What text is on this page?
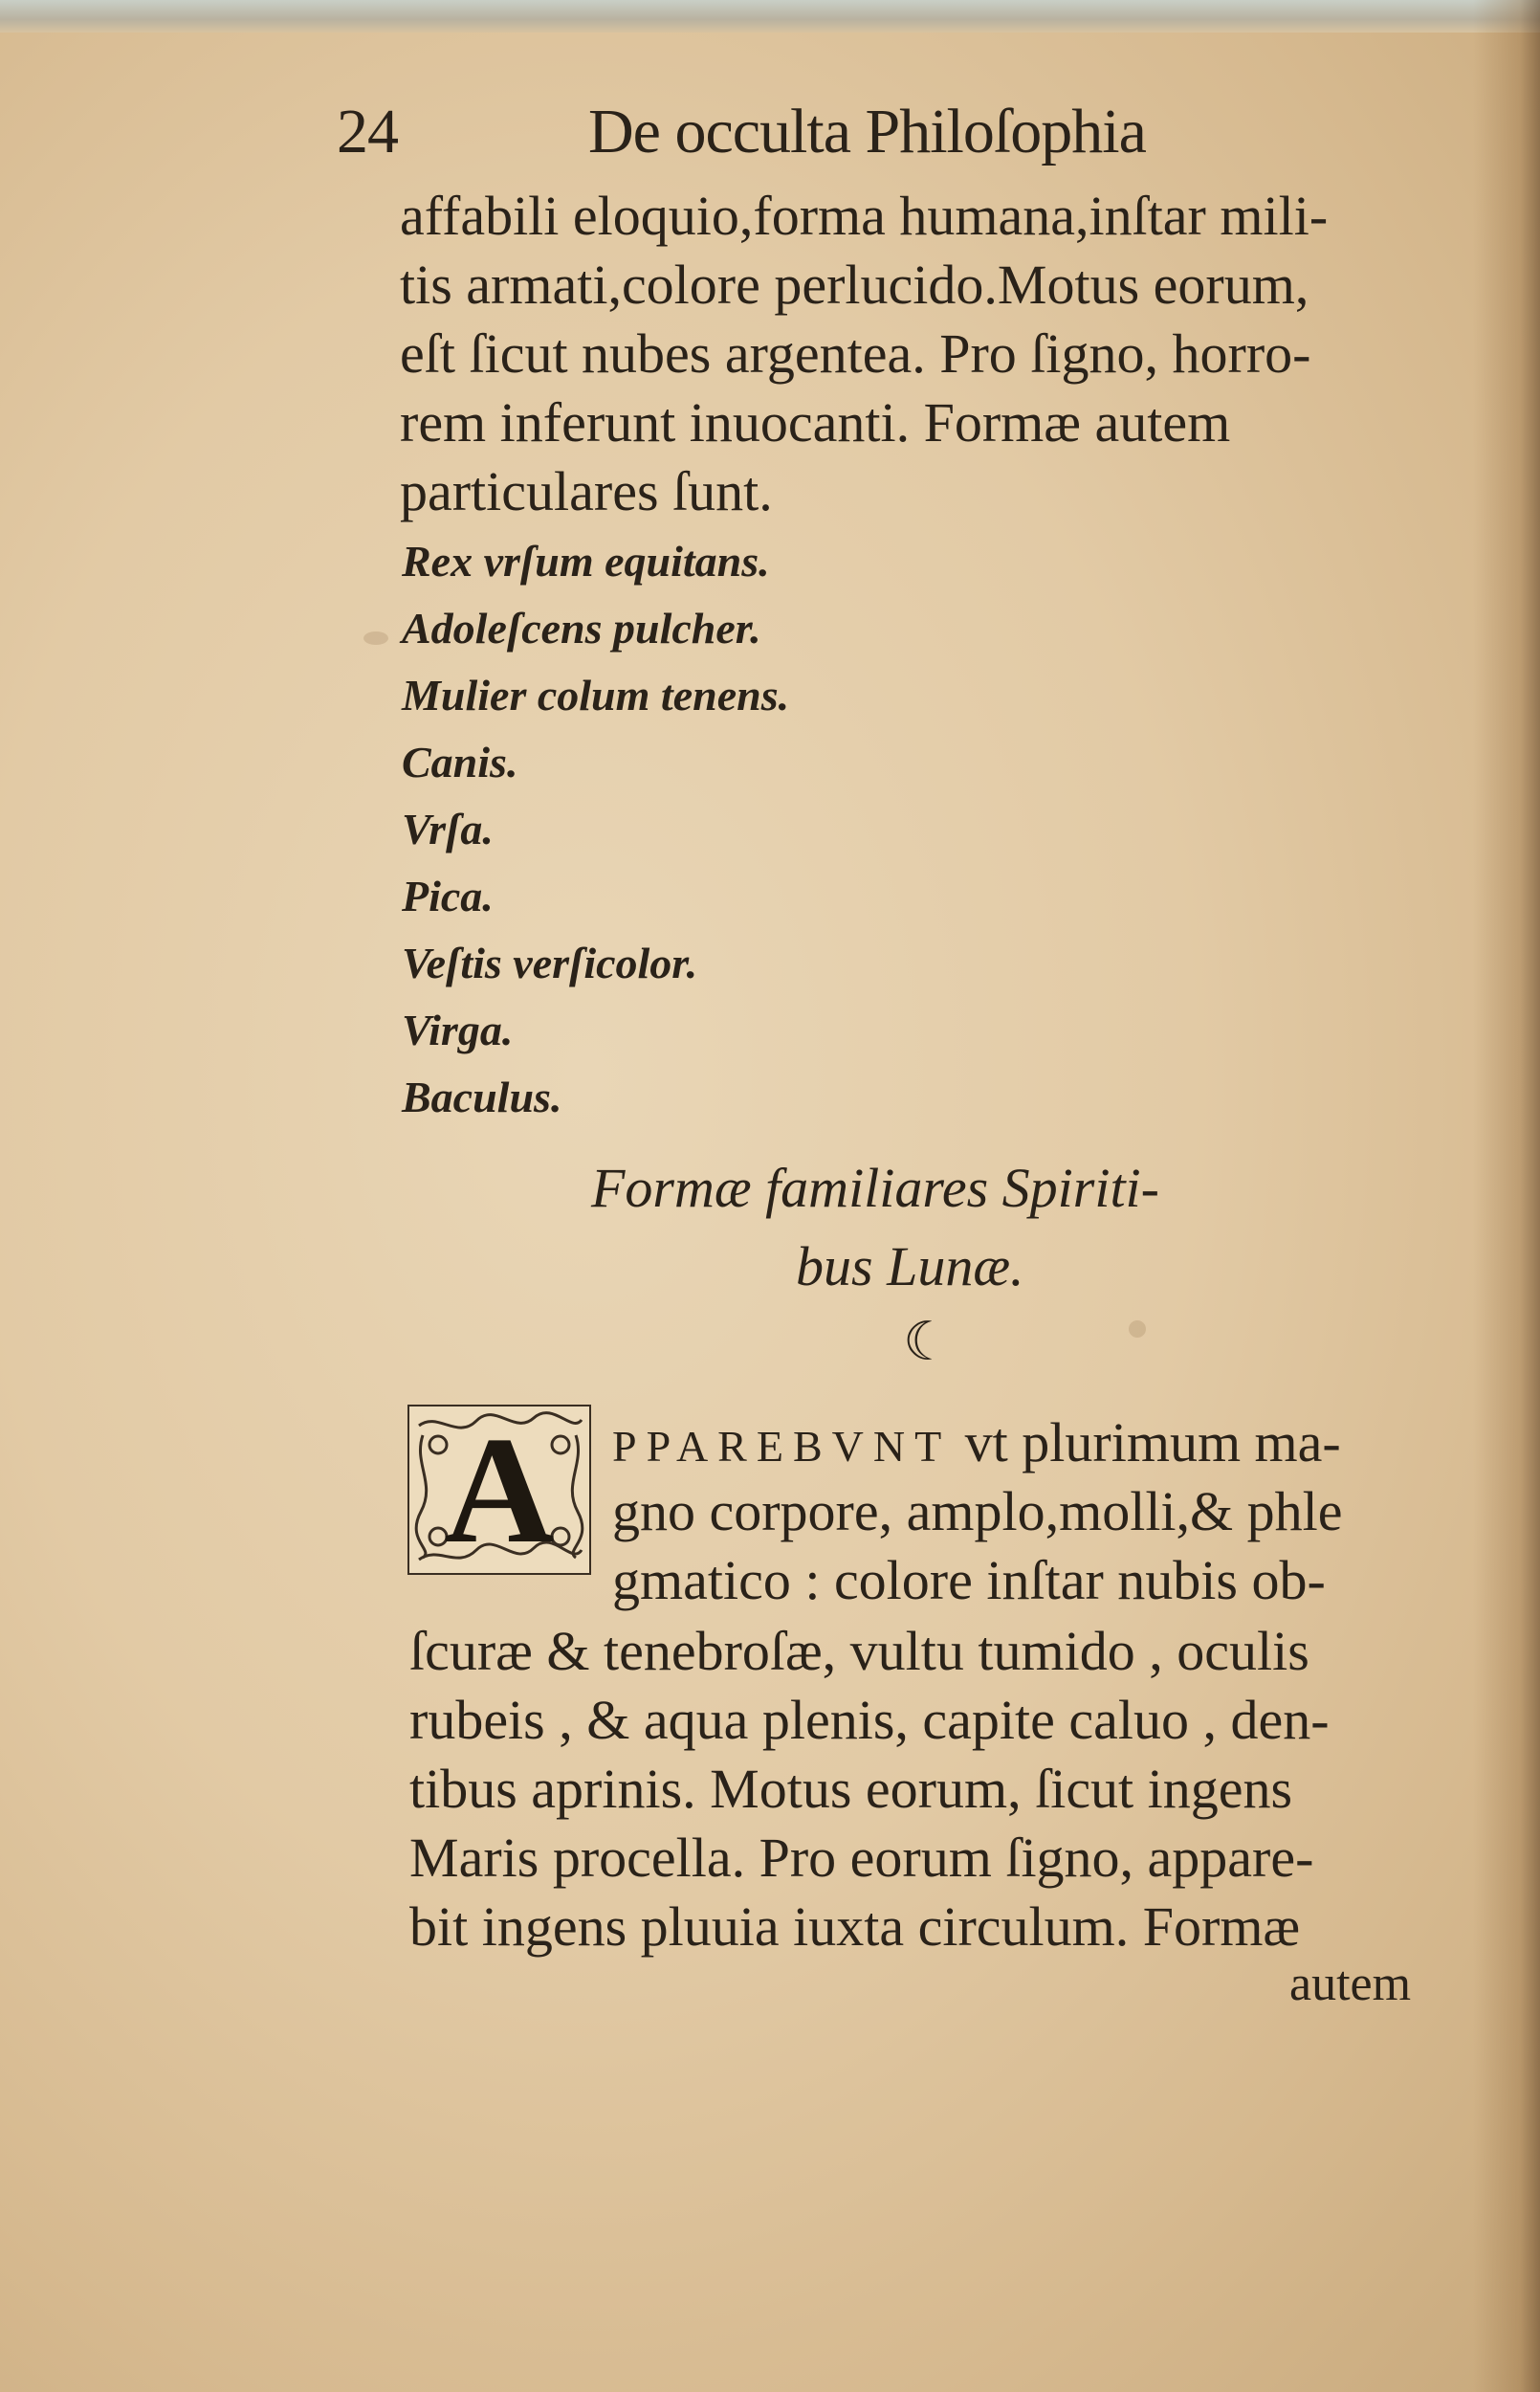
24	De occulta Philoſophia
affabili eloquio,forma humana,inſtar mili-
tis armati,colore perlucido.Motus eorum,
eſt ſicut nubes argentea. Pro ſigno, horro-
rem inferunt inuocanti. Formæ autem
particulares ſunt.
Rex vrſum equitans.
Adoleſcens pulcher.
Mulier colum tenens.
Canis.
Vrſa.
Pica.
Veſtis verſicolor.
Virga.
Baculus.
Formæ familiares Spiriti-
bus Lunæ.
☾
A	PPAREBVNT vt plurimum ma-
gno corpore, amplo,molli,& phle
gmatico : colore inſtar nubis ob-
ſcuræ & tenebroſæ, vultu tumido , oculis
rubeis , & aqua plenis, capite caluo , den-
tibus aprinis. Motus eorum, ſicut ingens
Maris procella. Pro eorum ſigno, appare-
bit ingens pluuia iuxta circulum. Formæ
autem
